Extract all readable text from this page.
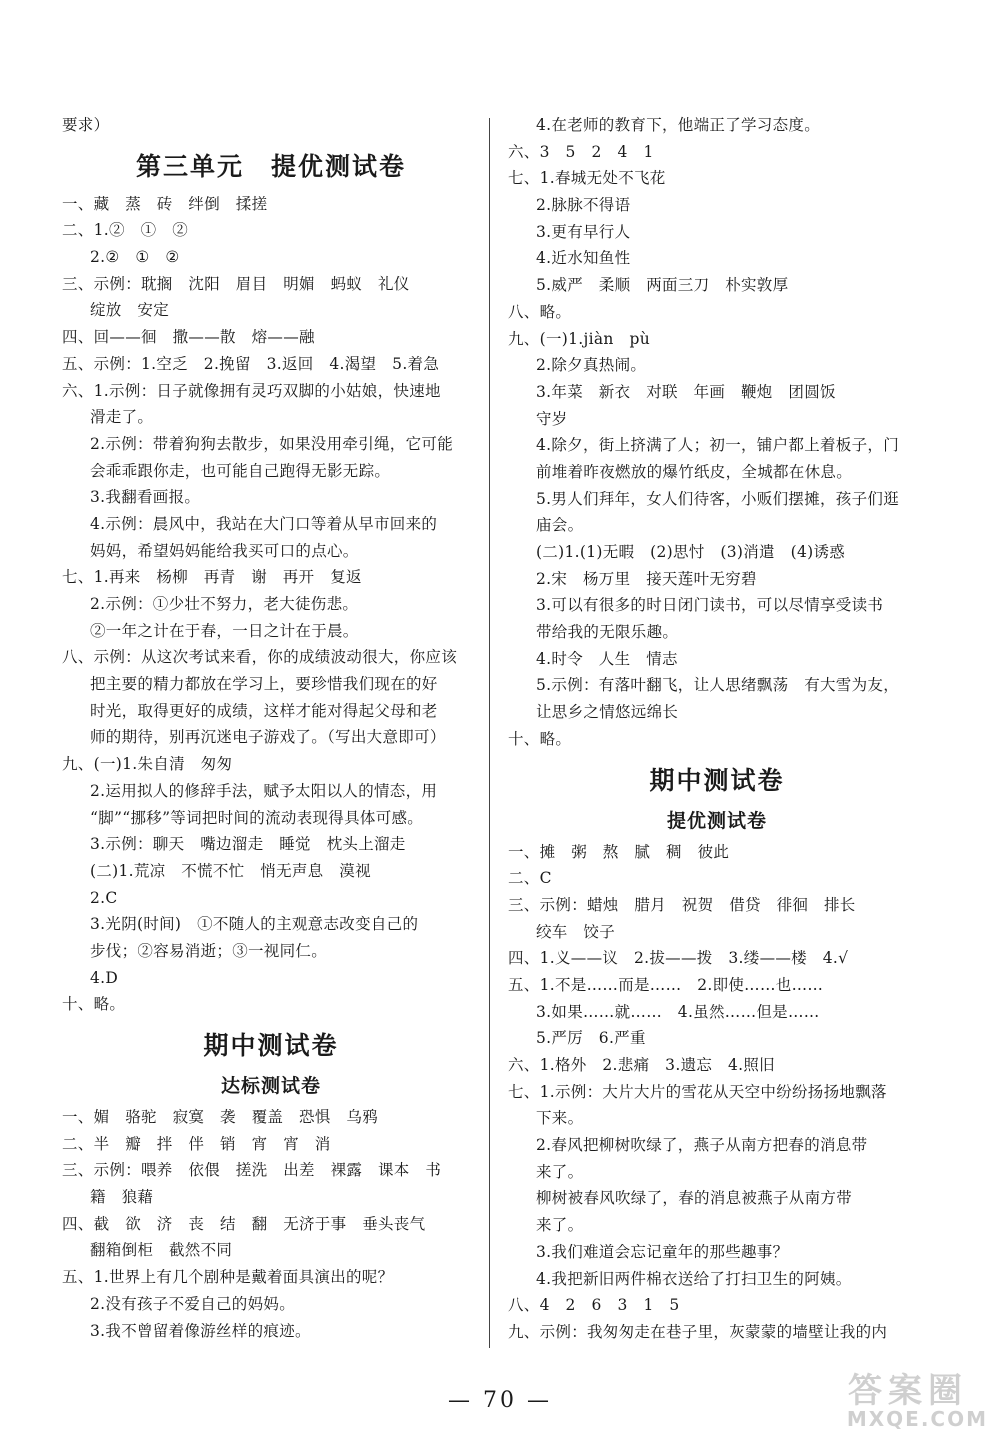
要求）
第三单元　提优测试卷
一、藏　蒸　砖　绊倒　揉搓
二、1.②　①　②
2.②　①　②
三、示例：耽搁　沈阳　眉目　明媚　蚂蚁　礼仪
绽放　安定
四、回——徊　撒——散　熔——融
五、示例：1.空乏　2.挽留　3.返回　4.渴望　5.着急
六、1.示例：日子就像拥有灵巧双脚的小姑娘，快速地
滑走了。
2.示例：带着狗狗去散步，如果没用牵引绳，它可能
会乖乖跟你走，也可能自己跑得无影无踪。
3.我翻看画报。
4.示例：晨风中，我站在大门口等着从早市回来的
妈妈，希望妈妈能给我买可口的点心。
七、1.再来　杨柳　再青　谢　再开　复返
2.示例：①少壮不努力，老大徒伤悲。
②一年之计在于春，一日之计在于晨。
八、示例：从这次考试来看，你的成绩波动很大，你应该
把主要的精力都放在学习上，要珍惜我们现在的好
时光，取得更好的成绩，这样才能对得起父母和老
师的期待，别再沉迷电子游戏了。（写出大意即可）
九、(一)1.朱自清　匆匆
2.运用拟人的修辞手法，赋予太阳以人的情态，用
“脚”“挪移”等词把时间的流动表现得具体可感。
3.示例：聊天　嘴边溜走　睡觉　枕头上溜走
(二)1.荒凉　不慌不忙　悄无声息　漠视
2.C
3.光阴(时间)　①不随人的主观意志改变自己的
步伐；②容易消逝；③一视同仁。
4.D
十、略。
期中测试卷
达标测试卷
一、媚　骆驼　寂寞　袭　覆盖　恐惧　乌鸦
二、半　瓣　拌　伴　销　宵　宵　消
三、示例：喂养　依偎　搓洗　出差　裸露　课本　书
籍　狼藉
四、截　欲　济　丧　结　翻　无济于事　垂头丧气
翻箱倒柜　截然不同
五、1.世界上有几个剧种是戴着面具演出的呢？
2.没有孩子不爱自己的妈妈。
3.我不曾留着像游丝样的痕迹。
4.在老师的教育下，他端正了学习态度。
六、3　5　2　4　1
七、1.春城无处不飞花
2.脉脉不得语
3.更有早行人
4.近水知鱼性
5.威严　柔顺　两面三刀　朴实敦厚
八、略。
九、(一)1.jiàn　pù
2.除夕真热闹。
3.年菜　新衣　对联　年画　鞭炮　团圆饭
守岁
4.除夕，街上挤满了人；初一，铺户都上着板子，门
前堆着昨夜燃放的爆竹纸皮，全城都在休息。
5.男人们拜年，女人们待客，小贩们摆摊，孩子们逛
庙会。
(二)1.(1)无暇　(2)思忖　(3)消遣　(4)诱惑
2.宋　杨万里　接天莲叶无穷碧
3.可以有很多的时日闭门读书，可以尽情享受读书
带给我的无限乐趣。
4.时令　人生　情志
5.示例：有落叶翻飞，让人思绪飘荡　有大雪为友，
让思乡之情悠远绵长
十、略。
期中测试卷
提优测试卷
一、摊　粥　熬　腻　稠　彼此
二、C
三、示例：蜡烛　腊月　祝贺　借贷　徘徊　排长
绞车　饺子
四、1.义——议　2.拔——拨　3.缕——楼　4.√
五、1.不是……而是……　2.即使……也……
3.如果……就……　4.虽然……但是……
5.严厉　6.严重
六、1.格外　2.悲痛　3.遗忘　4.照旧
七、1.示例：大片大片的雪花从天空中纷纷扬扬地飘落
下来。
2.春风把柳树吹绿了，燕子从南方把春的消息带
来了。
柳树被春风吹绿了，春的消息被燕子从南方带
来了。
3.我们难道会忘记童年的那些趣事？
4.我把新旧两件棉衣送给了打扫卫生的阿姨。
八、4　2　6　3　1　5
九、示例：我匆匆走在巷子里，灰蒙蒙的墙壁让我的内
— 70 —	答案圈
MXQE.COM
